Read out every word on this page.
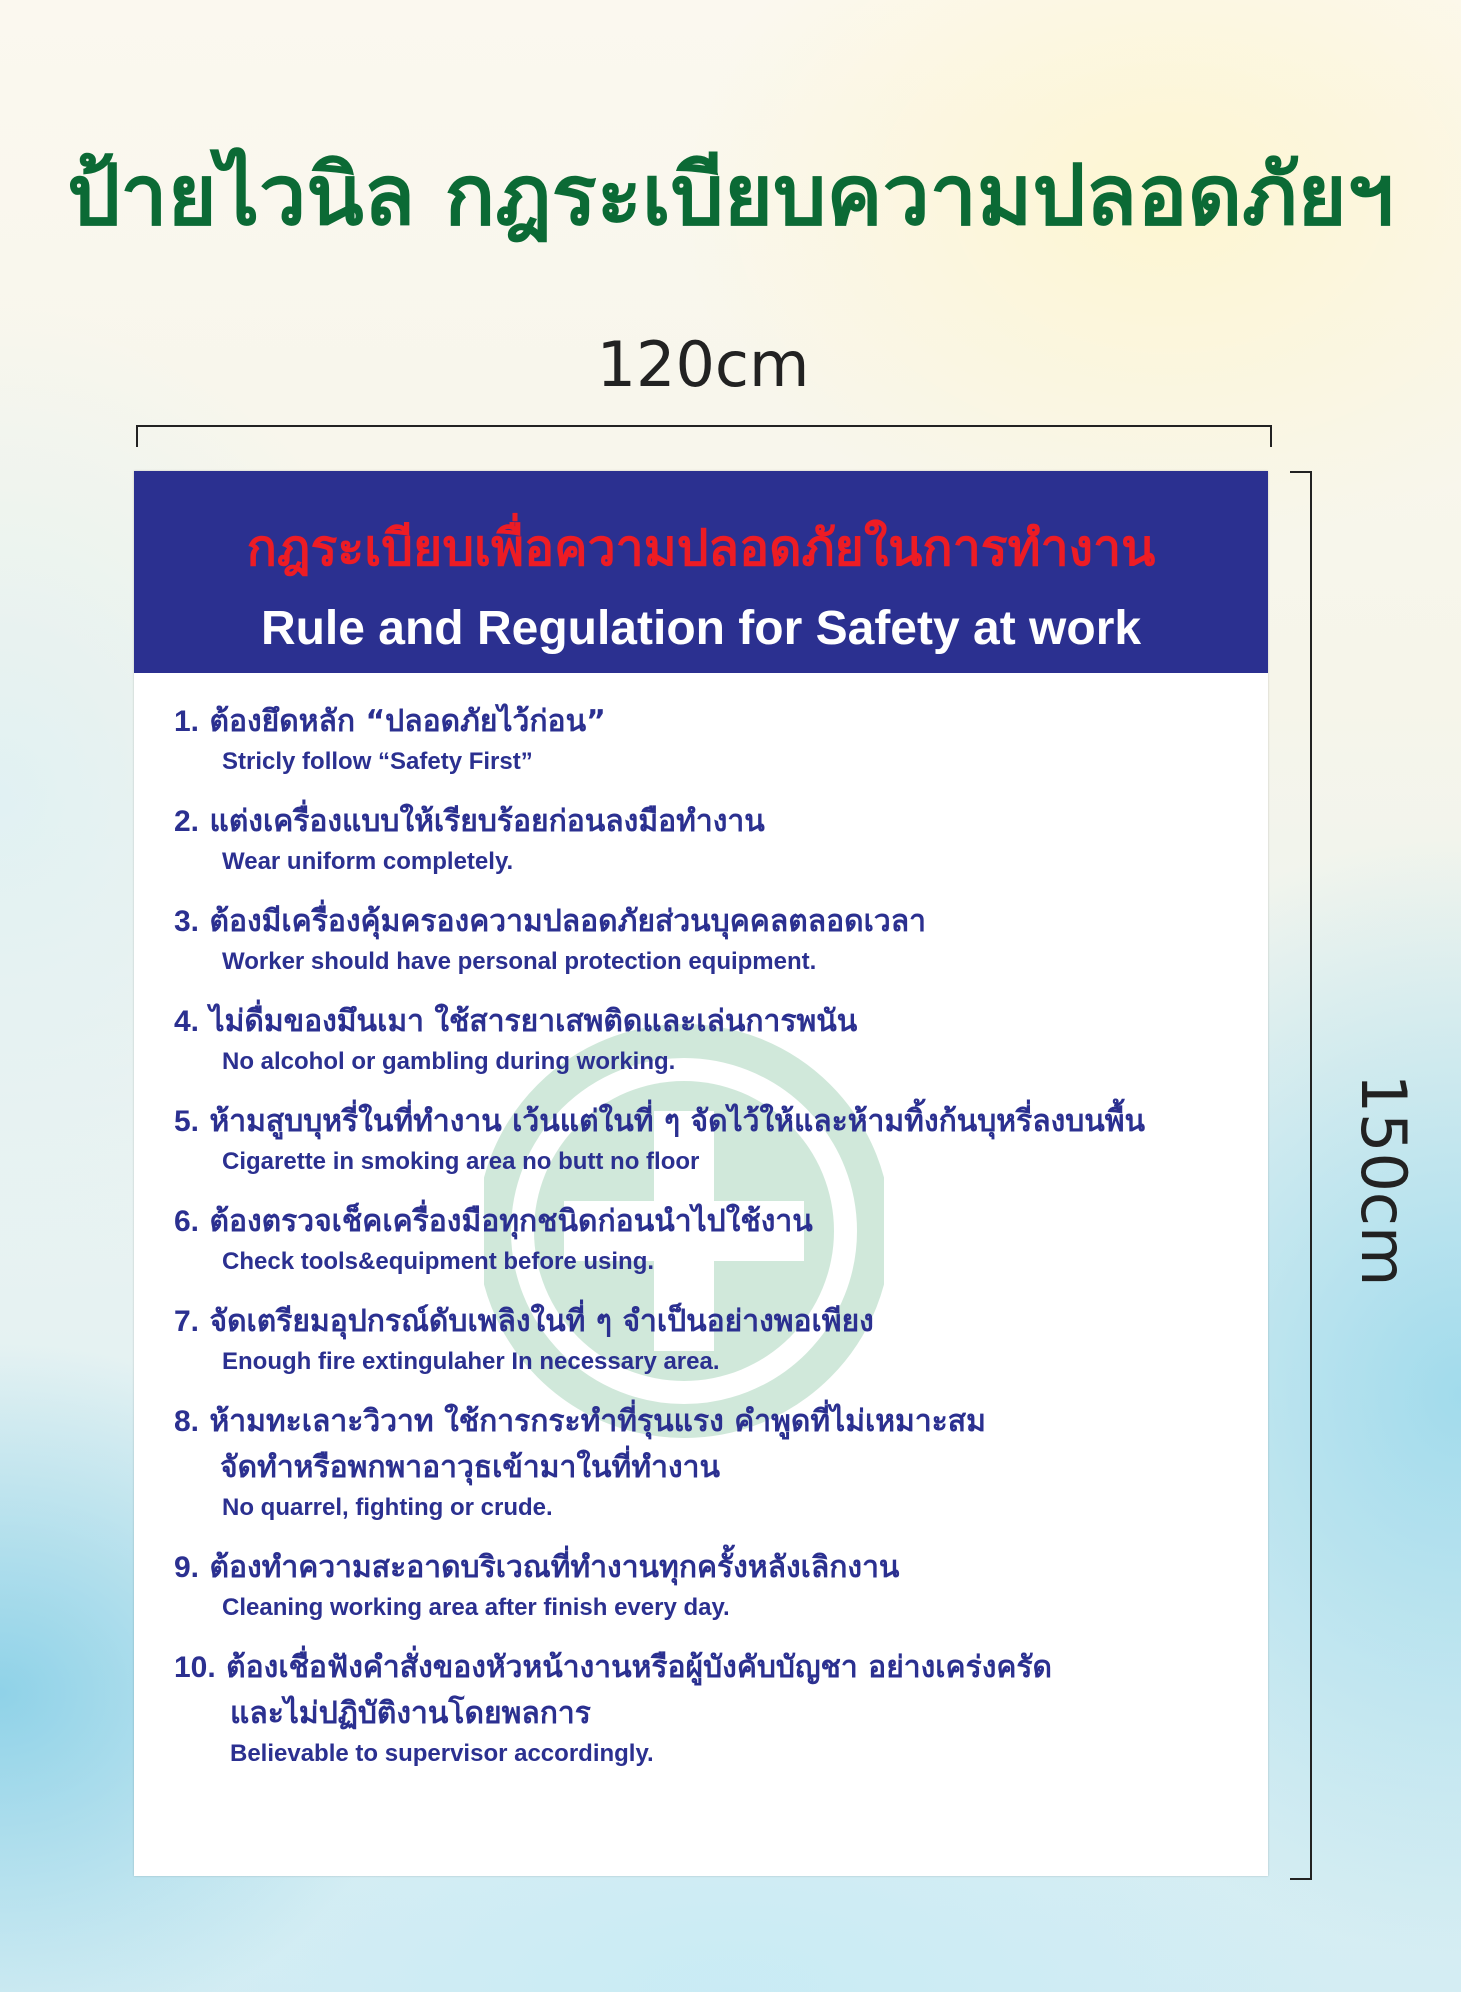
ป้ายไวนิล กฎระเบียบความปลอดภัยฯ
120cm
150cm
กฎระเบียบเพื่อความปลอดภัยในการทำงาน
Rule and Regulation for Safety at work
1. ต้องยึดหลัก “ปลอดภัยไว้ก่อน”
Stricly follow “Safety First”
2. แต่งเครื่องแบบให้เรียบร้อยก่อนลงมือทำงาน
Wear uniform completely.
3. ต้องมีเครื่องคุ้มครองความปลอดภัยส่วนบุคคลตลอดเวลา
Worker should have personal protection equipment.
4. ไม่ดื่มของมึนเมา ใช้สารยาเสพติดและเล่นการพนัน
No alcohol or gambling during working.
5. ห้ามสูบบุหรี่ในที่ทำงาน เว้นแต่ในที่ ๆ จัดไว้ให้และห้ามทิ้งก้นบุหรี่ลงบนพื้น
Cigarette in smoking area no butt no floor
6. ต้องตรวจเช็คเครื่องมือทุกชนิดก่อนนำไปใช้งาน
Check tools&equipment before using.
7. จัดเตรียมอุปกรณ์ดับเพลิงในที่ ๆ จำเป็นอย่างพอเพียง
Enough fire extingulaher In necessary area.
8. ห้ามทะเลาะวิวาท ใช้การกระทำที่รุนแรง คำพูดที่ไม่เหมาะสม
จัดทำหรือพกพาอาวุธเข้ามาในที่ทำงาน
No quarrel, fighting or crude.
9. ต้องทำความสะอาดบริเวณที่ทำงานทุกครั้งหลังเลิกงาน
Cleaning working area after finish every day.
10. ต้องเชื่อฟังคำสั่งของหัวหน้างานหรือผู้บังคับบัญชา อย่างเคร่งครัด
และไม่ปฏิบัติงานโดยพลการ
Believable to supervisor accordingly.
